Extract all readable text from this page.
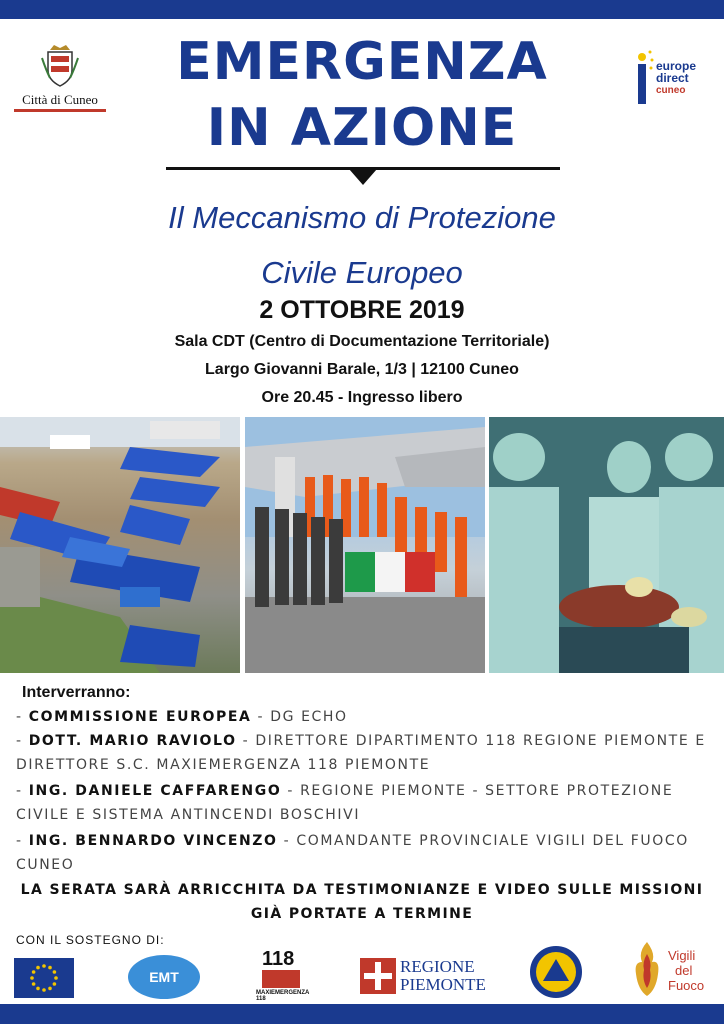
Città di Cuneo
europe
direct
cuneo
EMERGENZA
IN AZIONE
Il Meccanismo di Protezione
Civile Europeo
2 OTTOBRE 2019
Sala CDT (Centro di Documentazione Territoriale)
Largo Giovanni Barale, 1/3 | 12100 Cuneo
Ore 20.45 - Ingresso libero
Interverranno:
- COMMISSIONE EUROPEA - DG ECHO
- DOTT. MARIO RAVIOLO - DIRETTORE DIPARTIMENTO 118 REGIONE PIEMONTE E DIRETTORE S.C. MAXIEMERGENZA 118 PIEMONTE
- ING. DANIELE CAFFARENGO - REGIONE PIEMONTE - SETTORE PROTEZIONE CIVILE E SISTEMA ANTINCENDI BOSCHIVI
- ING. BENNARDO VINCENZO - COMANDANTE PROVINCIALE VIGILI DEL FUOCO CUNEO
LA SERATA SARÀ ARRICCHITA DA TESTIMONIANZE E VIDEO SULLE MISSIONI
GIÀ PORTATE A TERMINE
CON IL SOSTEGNO DI:
EMT
118
MAXIEMERGENZA 118
REGIONE
PIEMONTE
Vigili
del
Fuoco
